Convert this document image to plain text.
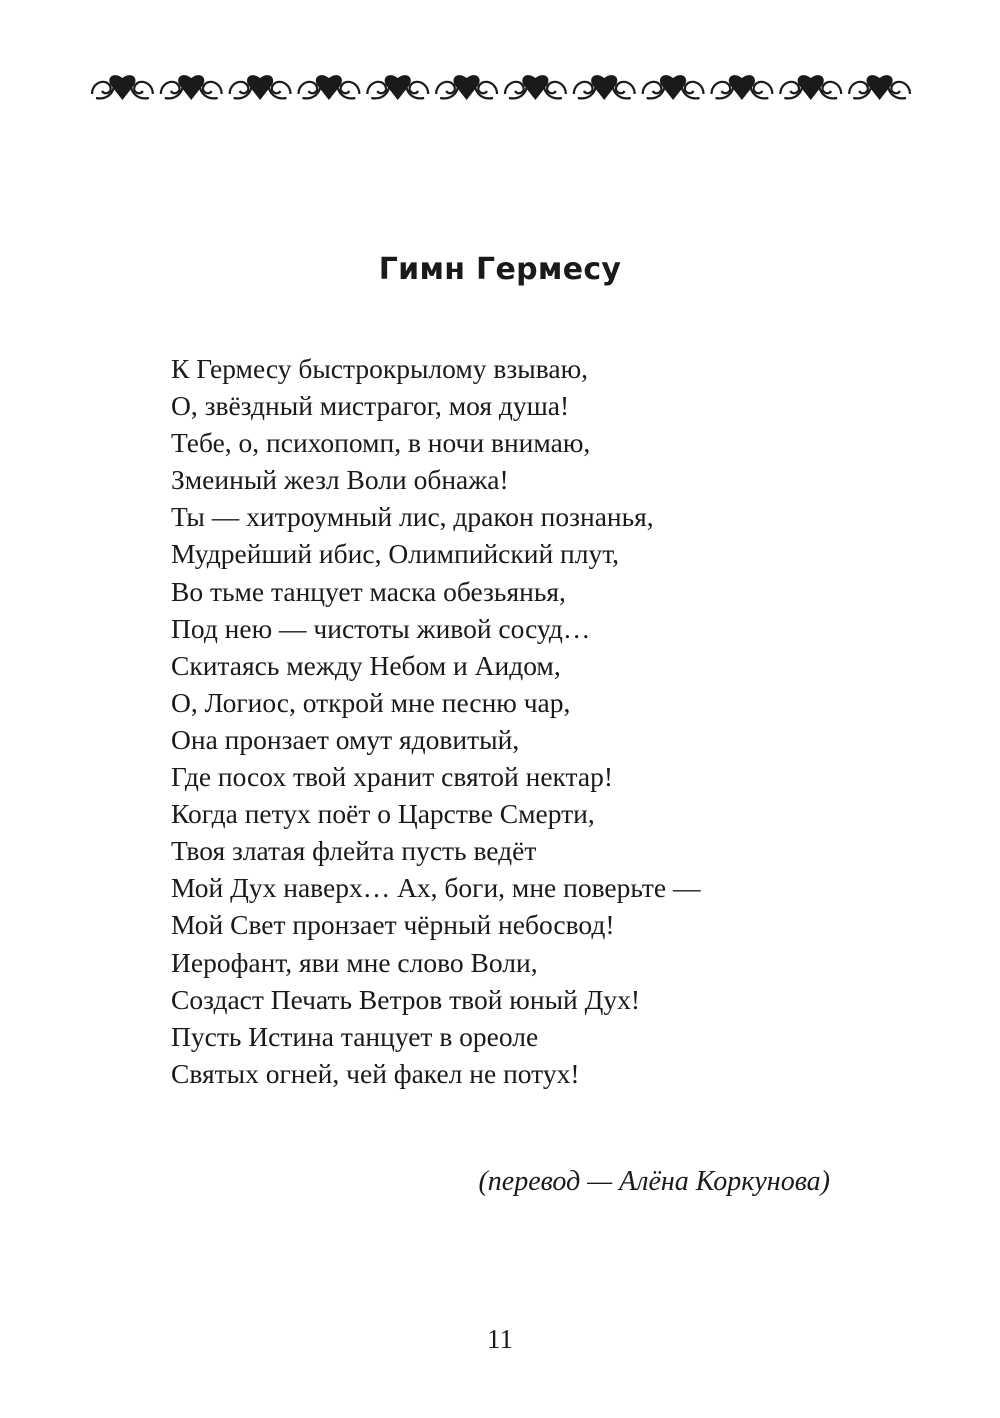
Гимн Гермесу
К Гермесу быстрокрылому взываю,
О, звёздный мистрагог, моя душа!
Тебе, о, психопомп, в ночи внимаю,
Змеиный жезл Воли обнажа!
Ты — хитроумный лис, дракон познанья,
Мудрейший ибис, Олимпийский плут,
Во тьме танцует маска обезьянья,
Под нею — чистоты живой сосуд…
Скитаясь между Небом и Аидом,
О, Логиос, открой мне песню чар,
Она пронзает омут ядовитый,
Где посох твой хранит святой нектар!
Когда петух поёт о Царстве Смерти,
Твоя златая флейта пусть ведёт
Мой Дух наверх… Ах, боги, мне поверьте —
Мой Свет пронзает чёрный небосвод!
Иерофант, яви мне слово Воли,
Создаст Печать Ветров твой юный Дух!
Пусть Истина танцует в ореоле
Святых огней, чей факел не потух!
(перевод — Алёна Коркунова)
11
